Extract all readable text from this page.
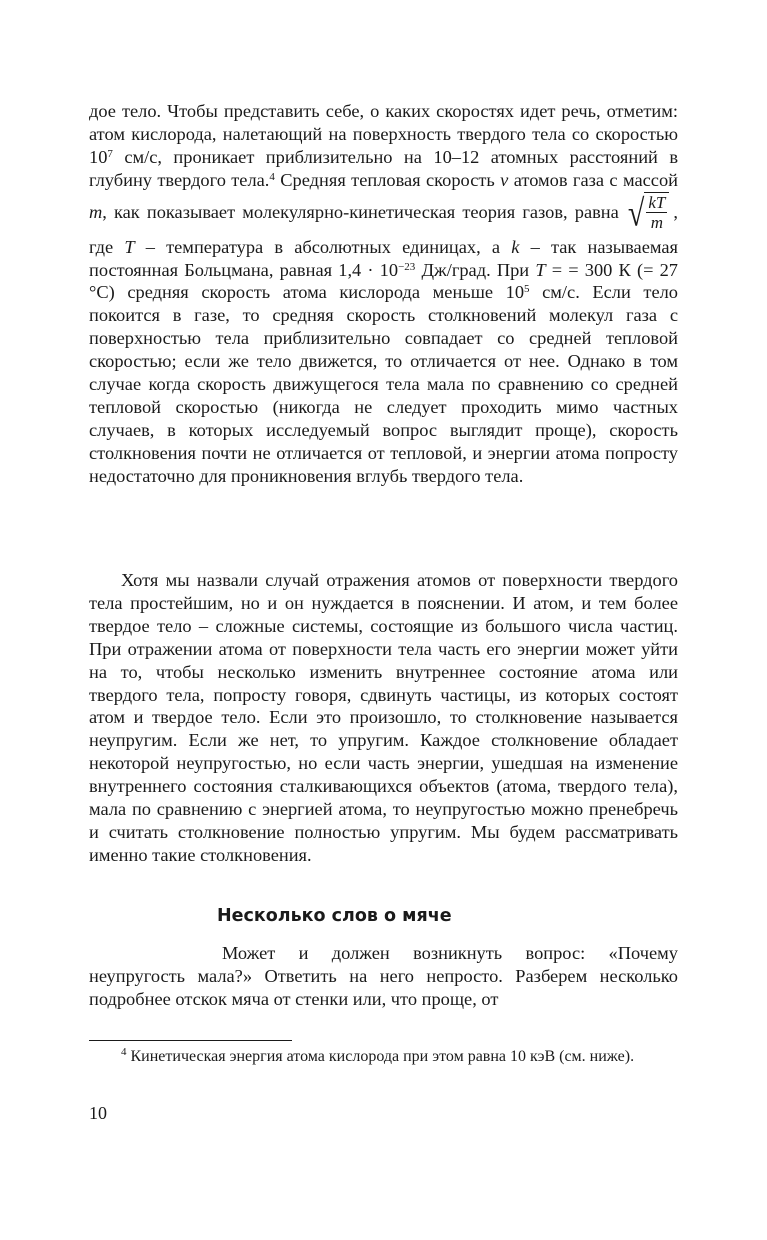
дое тело. Чтобы представить себе, о каких скоростях идет речь, отметим: атом кислорода, налетающий на поверхность твердого тела со скоростью $10^7$ см/с, проникает приблизительно на 10–12 атомных расстояний в глубину твердого тела.$^4$ Средняя тепловая скорость v атомов газа с массой m, как показывает молекулярно-кинетическая теория газов, равна √ $\frac{kT}{m}$ , где T – температура в абсолютных единицах, а k – так называемая постоянная Больцмана, равная $1,4 \cdot 10^{-23}$ Дж/град. При T = = 300 К (= 27 °С) средняя скорость атома кислорода меньше $10^5$ см/с. Если тело покоится в газе, то средняя скорость столкновений молекул газа с поверхностью тела приблизительно совпадает со средней тепловой скоростью; если же тело движется, то отличается от нее. Однако в том случае когда скорость движущегося тела мала по сравнению со средней тепловой скоростью (никогда не следует проходить мимо частных случаев, в которых исследуемый вопрос выглядит проще), скорость столкновения почти не отличается от тепловой, и энергии атома попросту недостаточно для проникновения вглубь твердого тела.

Хотя мы назвали случай отражения атомов от поверхности твердого тела простейшим, но и он нуждается в пояснении. И атом, и тем более твердое тело – сложные системы, состоящие из большого числа частиц. При отражении атома от поверхности тела часть его энергии может уйти на то, чтобы несколько изменить внутреннее состояние атома или твердого тела, попросту говоря, сдвинуть частицы, из которых состоят атом и твердое тело. Если это произошло, то столкновение называется неупругим. Если же нет, то упругим. Каждое столкновение обладает некоторой неупругостью, но если часть энергии, ушедшая на изменение внутреннего состояния сталкивающихся объектов (атома, твердого тела), мала по сравнению с энергией атома, то неупругостью можно пренебречь и считать столкновение полностью упругим. Мы будем рассматривать именно такие столкновения.

Несколько слов о мяче

Может и должен возникнуть вопрос: «Почему неупругость мала?» Ответить на него непросто. Разберем несколько подробнее отскок мяча от стенки или, что проще, от

$^4$ Кинетическая энергия атома кислорода при этом равна 10 кэВ (см. ниже).
10
